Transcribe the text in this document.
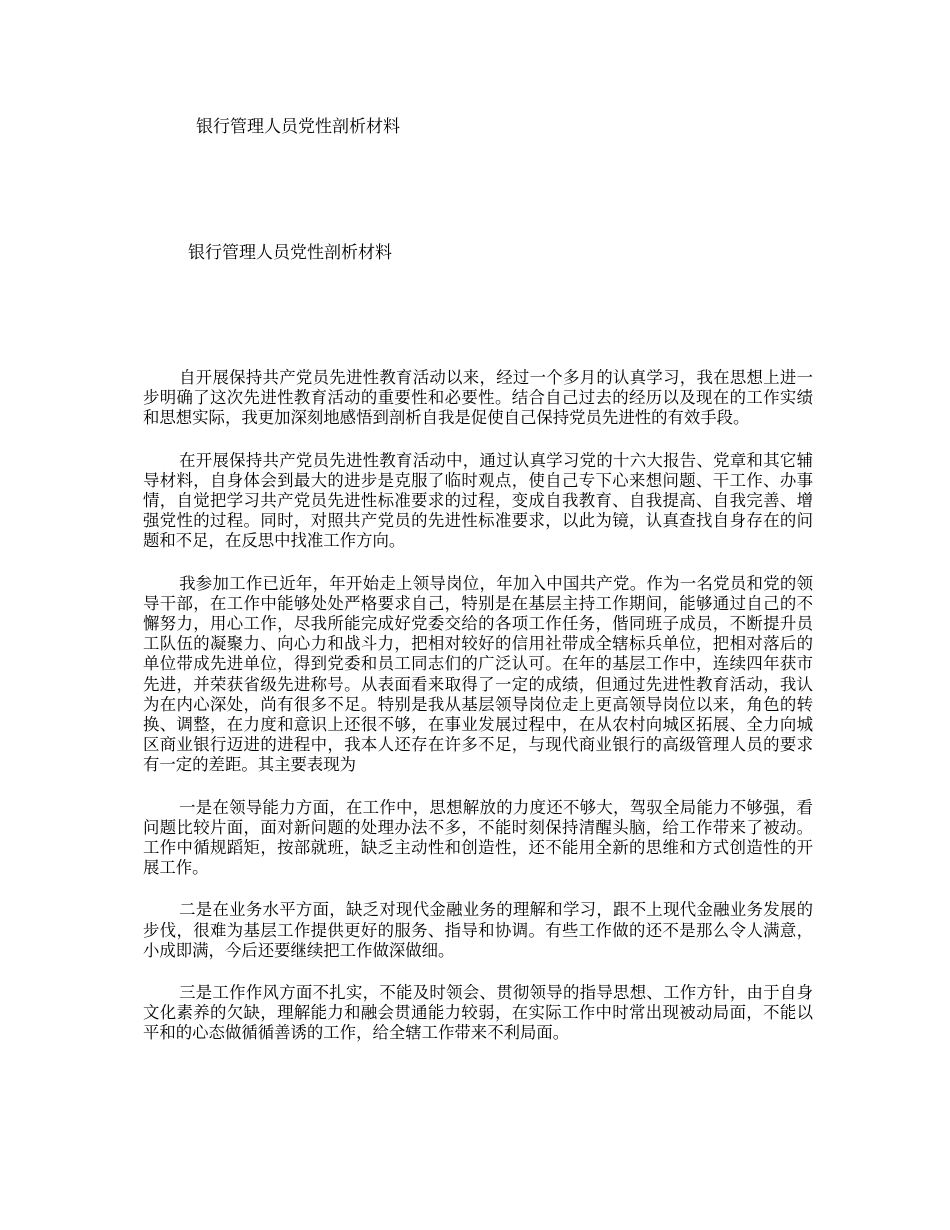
银行管理人员党性剖析材料
银行管理人员党性剖析材料

自开展保持共产党员先进性教育活动以来，经过一个多月的认真学习，我在思想上进一步明确了这次先进性教育活动的重要性和必要性。结合自己过去的经历以及现在的工作实绩和思想实际，我更加深刻地感悟到剖析自我是促使自己保持党员先进性的有效手段。

在开展保持共产党员先进性教育活动中，通过认真学习党的十六大报告、党章和其它辅导材料，自身体会到最大的进步是克服了临时观点，使自己专下心来想问题、干工作、办事情，自觉把学习共产党员先进性标准要求的过程，变成自我教育、自我提高、自我完善、增强党性的过程。同时，对照共产党员的先进性标准要求，以此为镜，认真查找自身存在的问题和不足，在反思中找准工作方向。

我参加工作已近年，年开始走上领导岗位，年加入中国共产党。作为一名党员和党的领导干部，在工作中能够处处严格要求自己，特别是在基层主持工作期间，能够通过自己的不懈努力，用心工作，尽我所能完成好党委交给的各项工作任务，偕同班子成员，不断提升员工队伍的凝聚力、向心力和战斗力，把相对较好的信用社带成全辖标兵单位，把相对落后的单位带成先进单位，得到党委和员工同志们的广泛认可。在年的基层工作中，连续四年获市先进，并荣获省级先进称号。从表面看来取得了一定的成绩，但通过先进性教育活动，我认为在内心深处，尚有很多不足。特别是我从基层领导岗位走上更高领导岗位以来，角色的转换、调整，在力度和意识上还很不够，在事业发展过程中，在从农村向城区拓展、全力向城区商业银行迈进的进程中，我本人还存在许多不足，与现代商业银行的高级管理人员的要求有一定的差距。其主要表现为

一是在领导能力方面，在工作中，思想解放的力度还不够大，驾驭全局能力不够强，看问题比较片面，面对新问题的处理办法不多，不能时刻保持清醒头脑，给工作带来了被动。工作中循规蹈矩，按部就班，缺乏主动性和创造性，还不能用全新的思维和方式创造性的开展工作。

二是在业务水平方面，缺乏对现代金融业务的理解和学习，跟不上现代金融业务发展的步伐，很难为基层工作提供更好的服务、指导和协调。有些工作做的还不是那么令人满意，小成即满，今后还要继续把工作做深做细。

三是工作作风方面不扎实，不能及时领会、贯彻领导的指导思想、工作方针，由于自身文化素养的欠缺，理解能力和融会贯通能力较弱，在实际工作中时常出现被动局面，不能以平和的心态做循循善诱的工作，给全辖工作带来不利局面。
